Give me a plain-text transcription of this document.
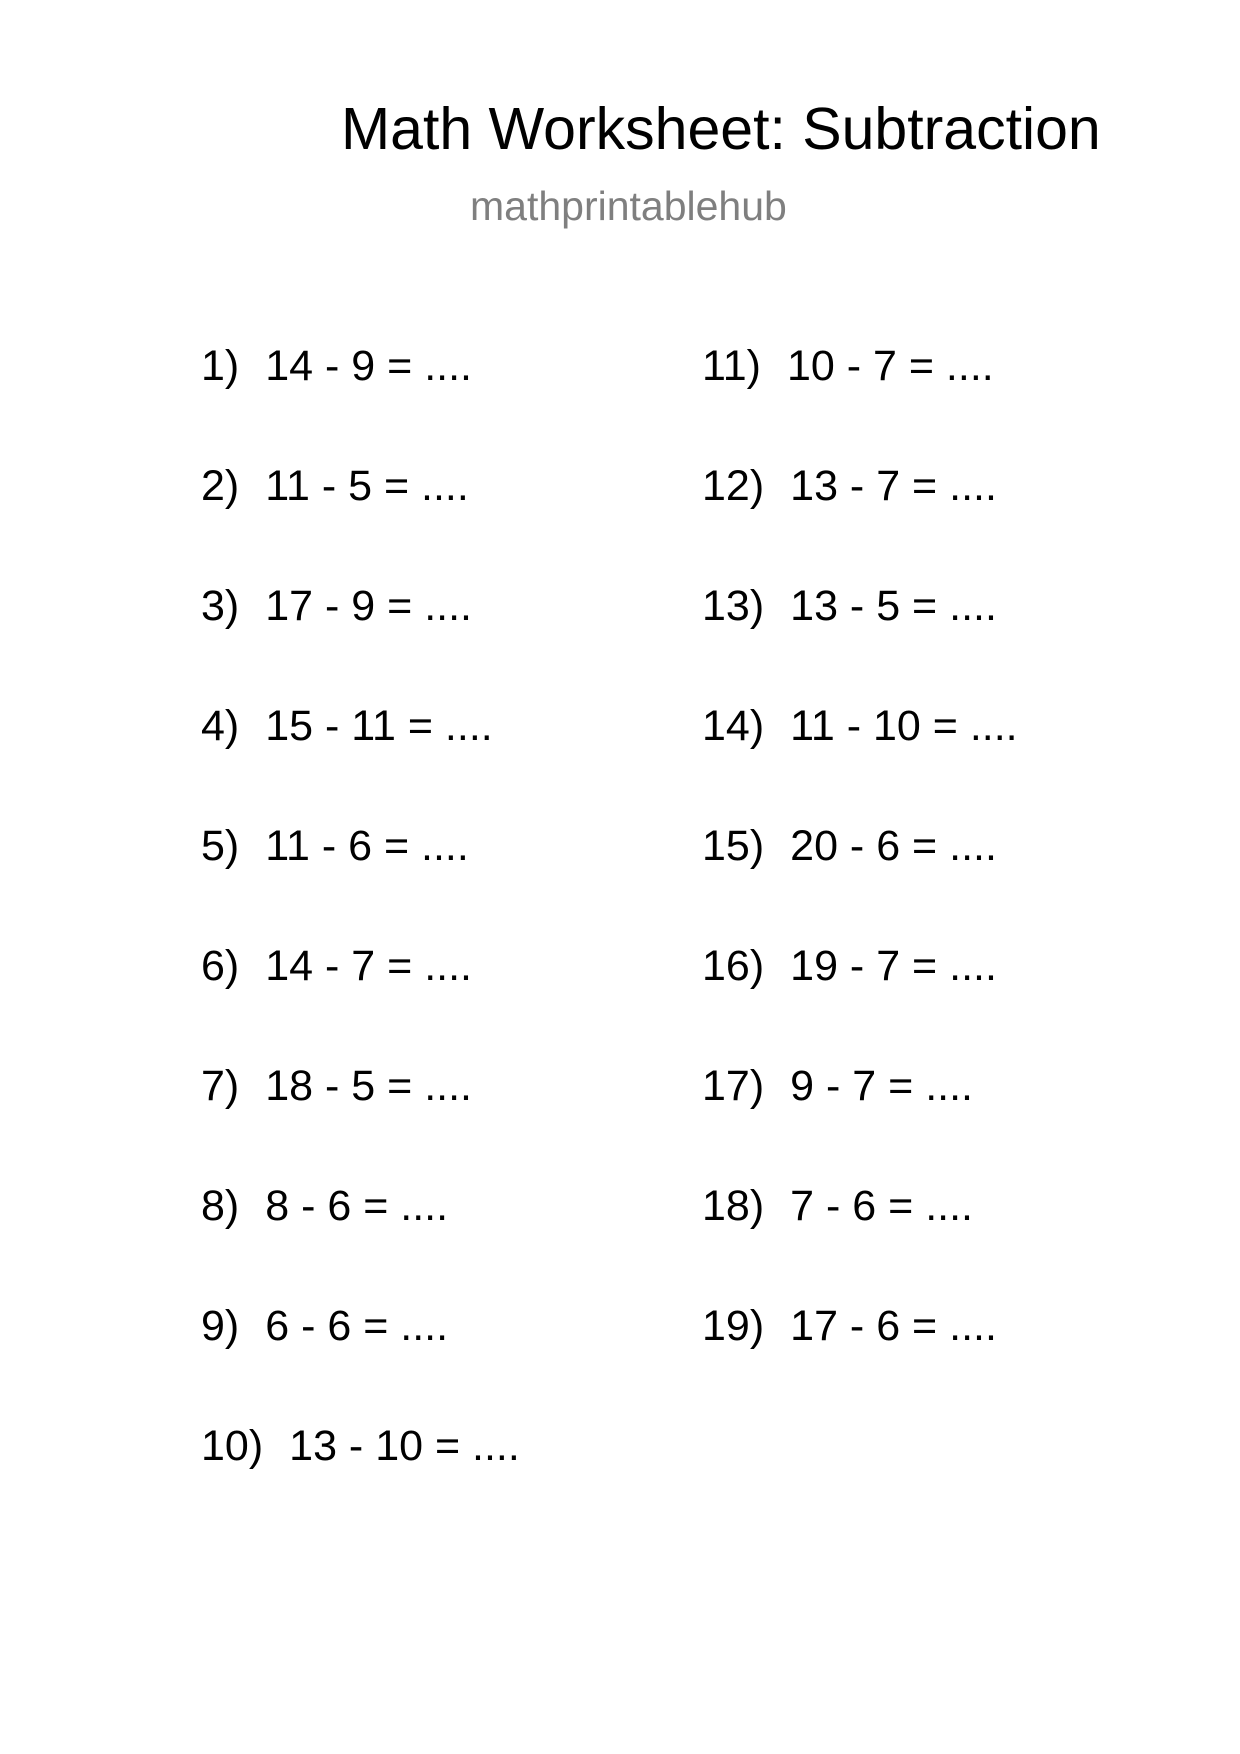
Math Worksheet: Subtraction
mathprintablehub
1) 14 - 9 = ....
2) 11 - 5 = ....
3) 17 - 9 = ....
4) 15 - 11 = ....
5) 11 - 6 = ....
6) 14 - 7 = ....
7) 18 - 5 = ....
8) 8 - 6 = ....
9) 6 - 6 = ....
10) 13 - 10 = ....
11) 10 - 7 = ....
12) 13 - 7 = ....
13) 13 - 5 = ....
14) 11 - 10 = ....
15) 20 - 6 = ....
16) 19 - 7 = ....
17) 9 - 7 = ....
18) 7 - 6 = ....
19) 17 - 6 = ....
